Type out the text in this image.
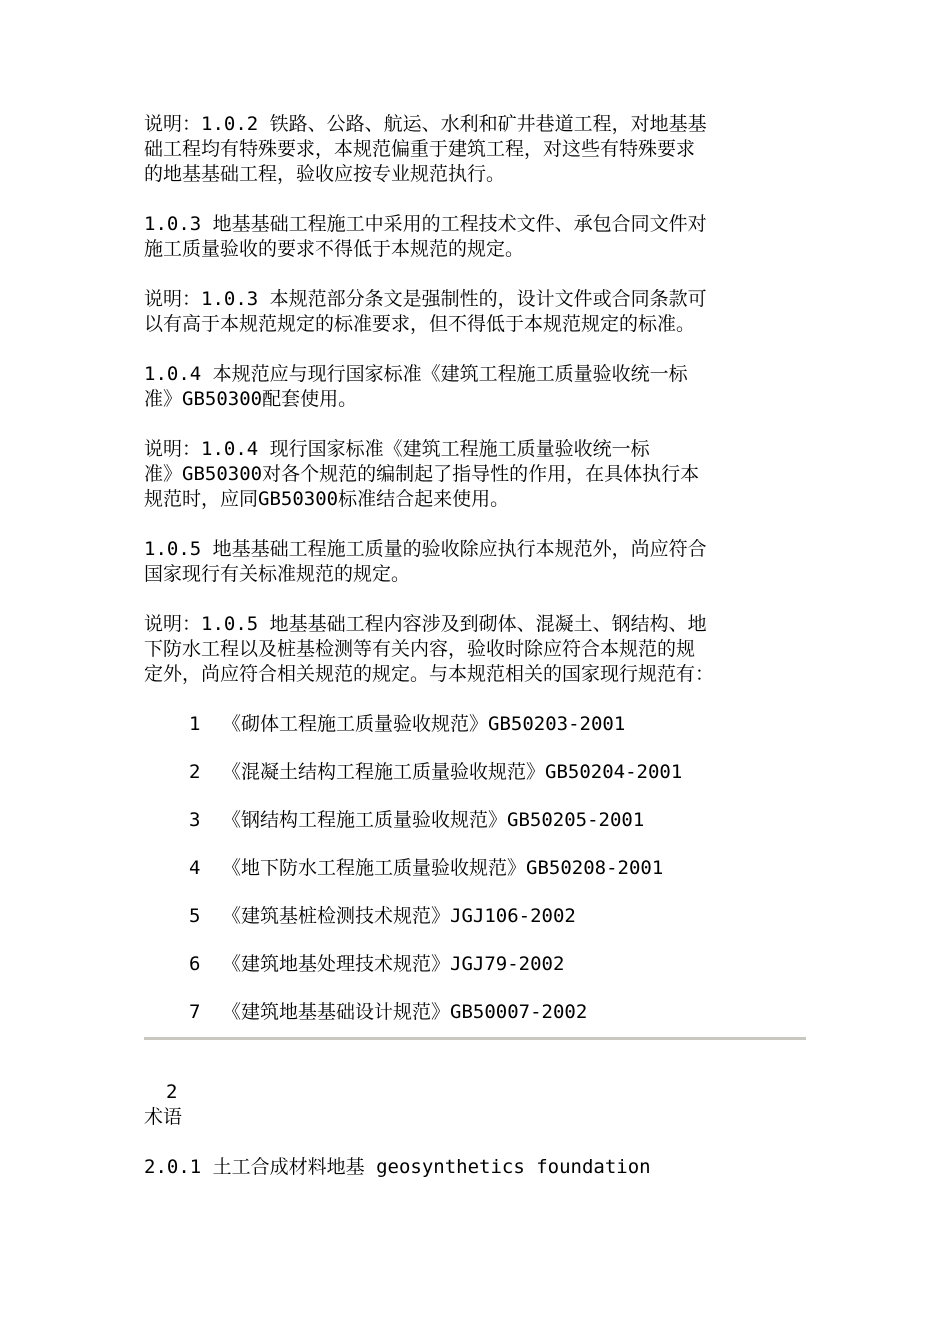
说明：1.0.2 铁路、公路、航运、水利和矿井巷道工程，对地基基
础工程均有特殊要求，本规范偏重于建筑工程，对这些有特殊要求
的地基基础工程，验收应按专业规范执行。

1.0.3 地基基础工程施工中采用的工程技术文件、承包合同文件对
施工质量验收的要求不得低于本规范的规定。

说明：1.0.3 本规范部分条文是强制性的，设计文件或合同条款可
以有高于本规范规定的标准要求，但不得低于本规范规定的标准。

1.0.4 本规范应与现行国家标准《建筑工程施工质量验收统一标
准》GB50300配套使用。

说明：1.0.4 现行国家标准《建筑工程施工质量验收统一标
准》GB50300对各个规范的编制起了指导性的作用，在具体执行本
规范时，应同GB50300标准结合起来使用。

1.0.5 地基基础工程施工质量的验收除应执行本规范外，尚应符合
国家现行有关标准规范的规定。

说明：1.0.5 地基基础工程内容涉及到砌体、混凝土、钢结构、地
下防水工程以及桩基检测等有关内容，验收时除应符合本规范的规
定外，尚应符合相关规范的规定。与本规范相关的国家现行规范有：

1 《砌体工程施工质量验收规范》GB50203-2001
2 《混凝土结构工程施工质量验收规范》GB50204-2001
3 《钢结构工程施工质量验收规范》GB50205-2001
4 《地下防水工程施工质量验收规范》GB50208-2001
5 《建筑基桩检测技术规范》JGJ106-2002
6 《建筑地基处理技术规范》JGJ79-2002
7 《建筑地基基础设计规范》GB50007-2002
2
术语
2.0.1 土工合成材料地基 geosynthetics foundation
